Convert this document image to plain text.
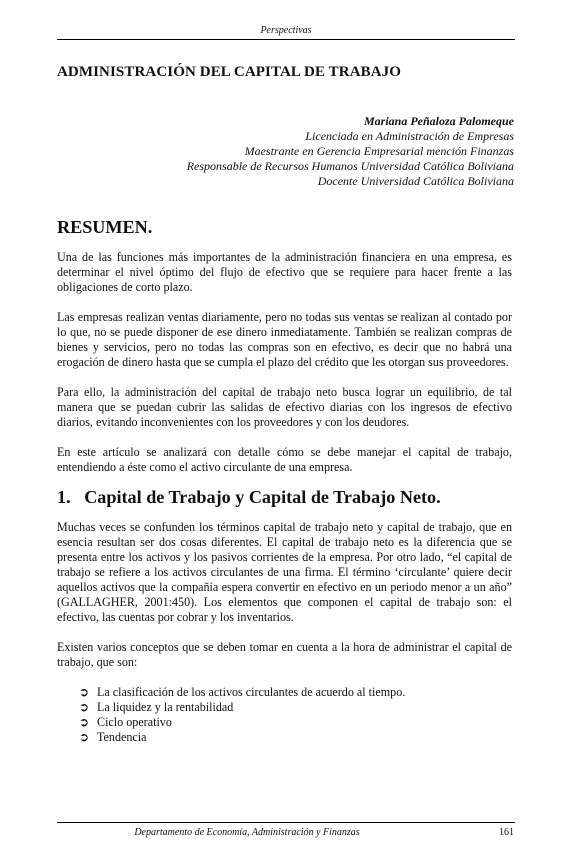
Perspectivas
ADMINISTRACIÓN DEL CAPITAL DE TRABAJO
Mariana Peñaloza Palomeque
Licenciada en Administración de Empresas
Maestrante en Gerencia Empresarial mención Finanzas
Responsable de Recursos Humanos Universidad Católica Boliviana
Docente Universidad Católica Boliviana
RESUMEN.

Una de las funciones más importantes de la administración financiera en una empresa, es determinar el nivel óptimo del flujo de efectivo que se requiere para hacer frente a las obligaciones de corto plazo.

Las empresas realizan ventas diariamente, pero no todas sus ventas se realizan al contado por lo que, no se puede disponer de ese dinero inmediatamente. También se realizan compras de bienes y servicios, pero no todas las compras son en efectivo, es decir que no habrá una erogación de dinero hasta que se cumpla el plazo del crédito que les otorgan sus proveedores.

Para ello, la administración del capital de trabajo neto busca lograr un equilibrio, de tal manera que se puedan cubrir las salidas de efectivo diarias con los ingresos de efectivo diarios, evitando inconvenientes con los proveedores y con los deudores.

En este artículo se analizará con detalle cómo se debe manejar el capital de trabajo, entendiendo a éste como el activo circulante de una empresa.

1.   Capital de Trabajo y Capital de Trabajo Neto.

Muchas veces se confunden los términos capital de trabajo neto y capital de trabajo, que en esencia resultan ser dos cosas diferentes. El capital de trabajo neto es la diferencia que se presenta entre los activos y los pasivos corrientes de la empresa. Por otro lado, “el capital de trabajo se refiere a los activos circulantes de una firma. El término ‘circulante’ quiere decir aquellos activos que la compañía espera convertir en efectivo en un periodo menor a un año” (GALLAGHER, 2001:450). Los elementos que componen el capital de trabajo son: el efectivo, las cuentas por cobrar y los inventarios.

Existen varios conceptos que se deben tomar en cuenta a la hora de administrar el capital de trabajo, que son:

➲ La clasificación de los activos circulantes de acuerdo al tiempo.
➲ La liquidez y la rentabilidad
➲ Ciclo operativo
➲ Tendencia
Departamento de Economía, Administración y Finanzas	161
